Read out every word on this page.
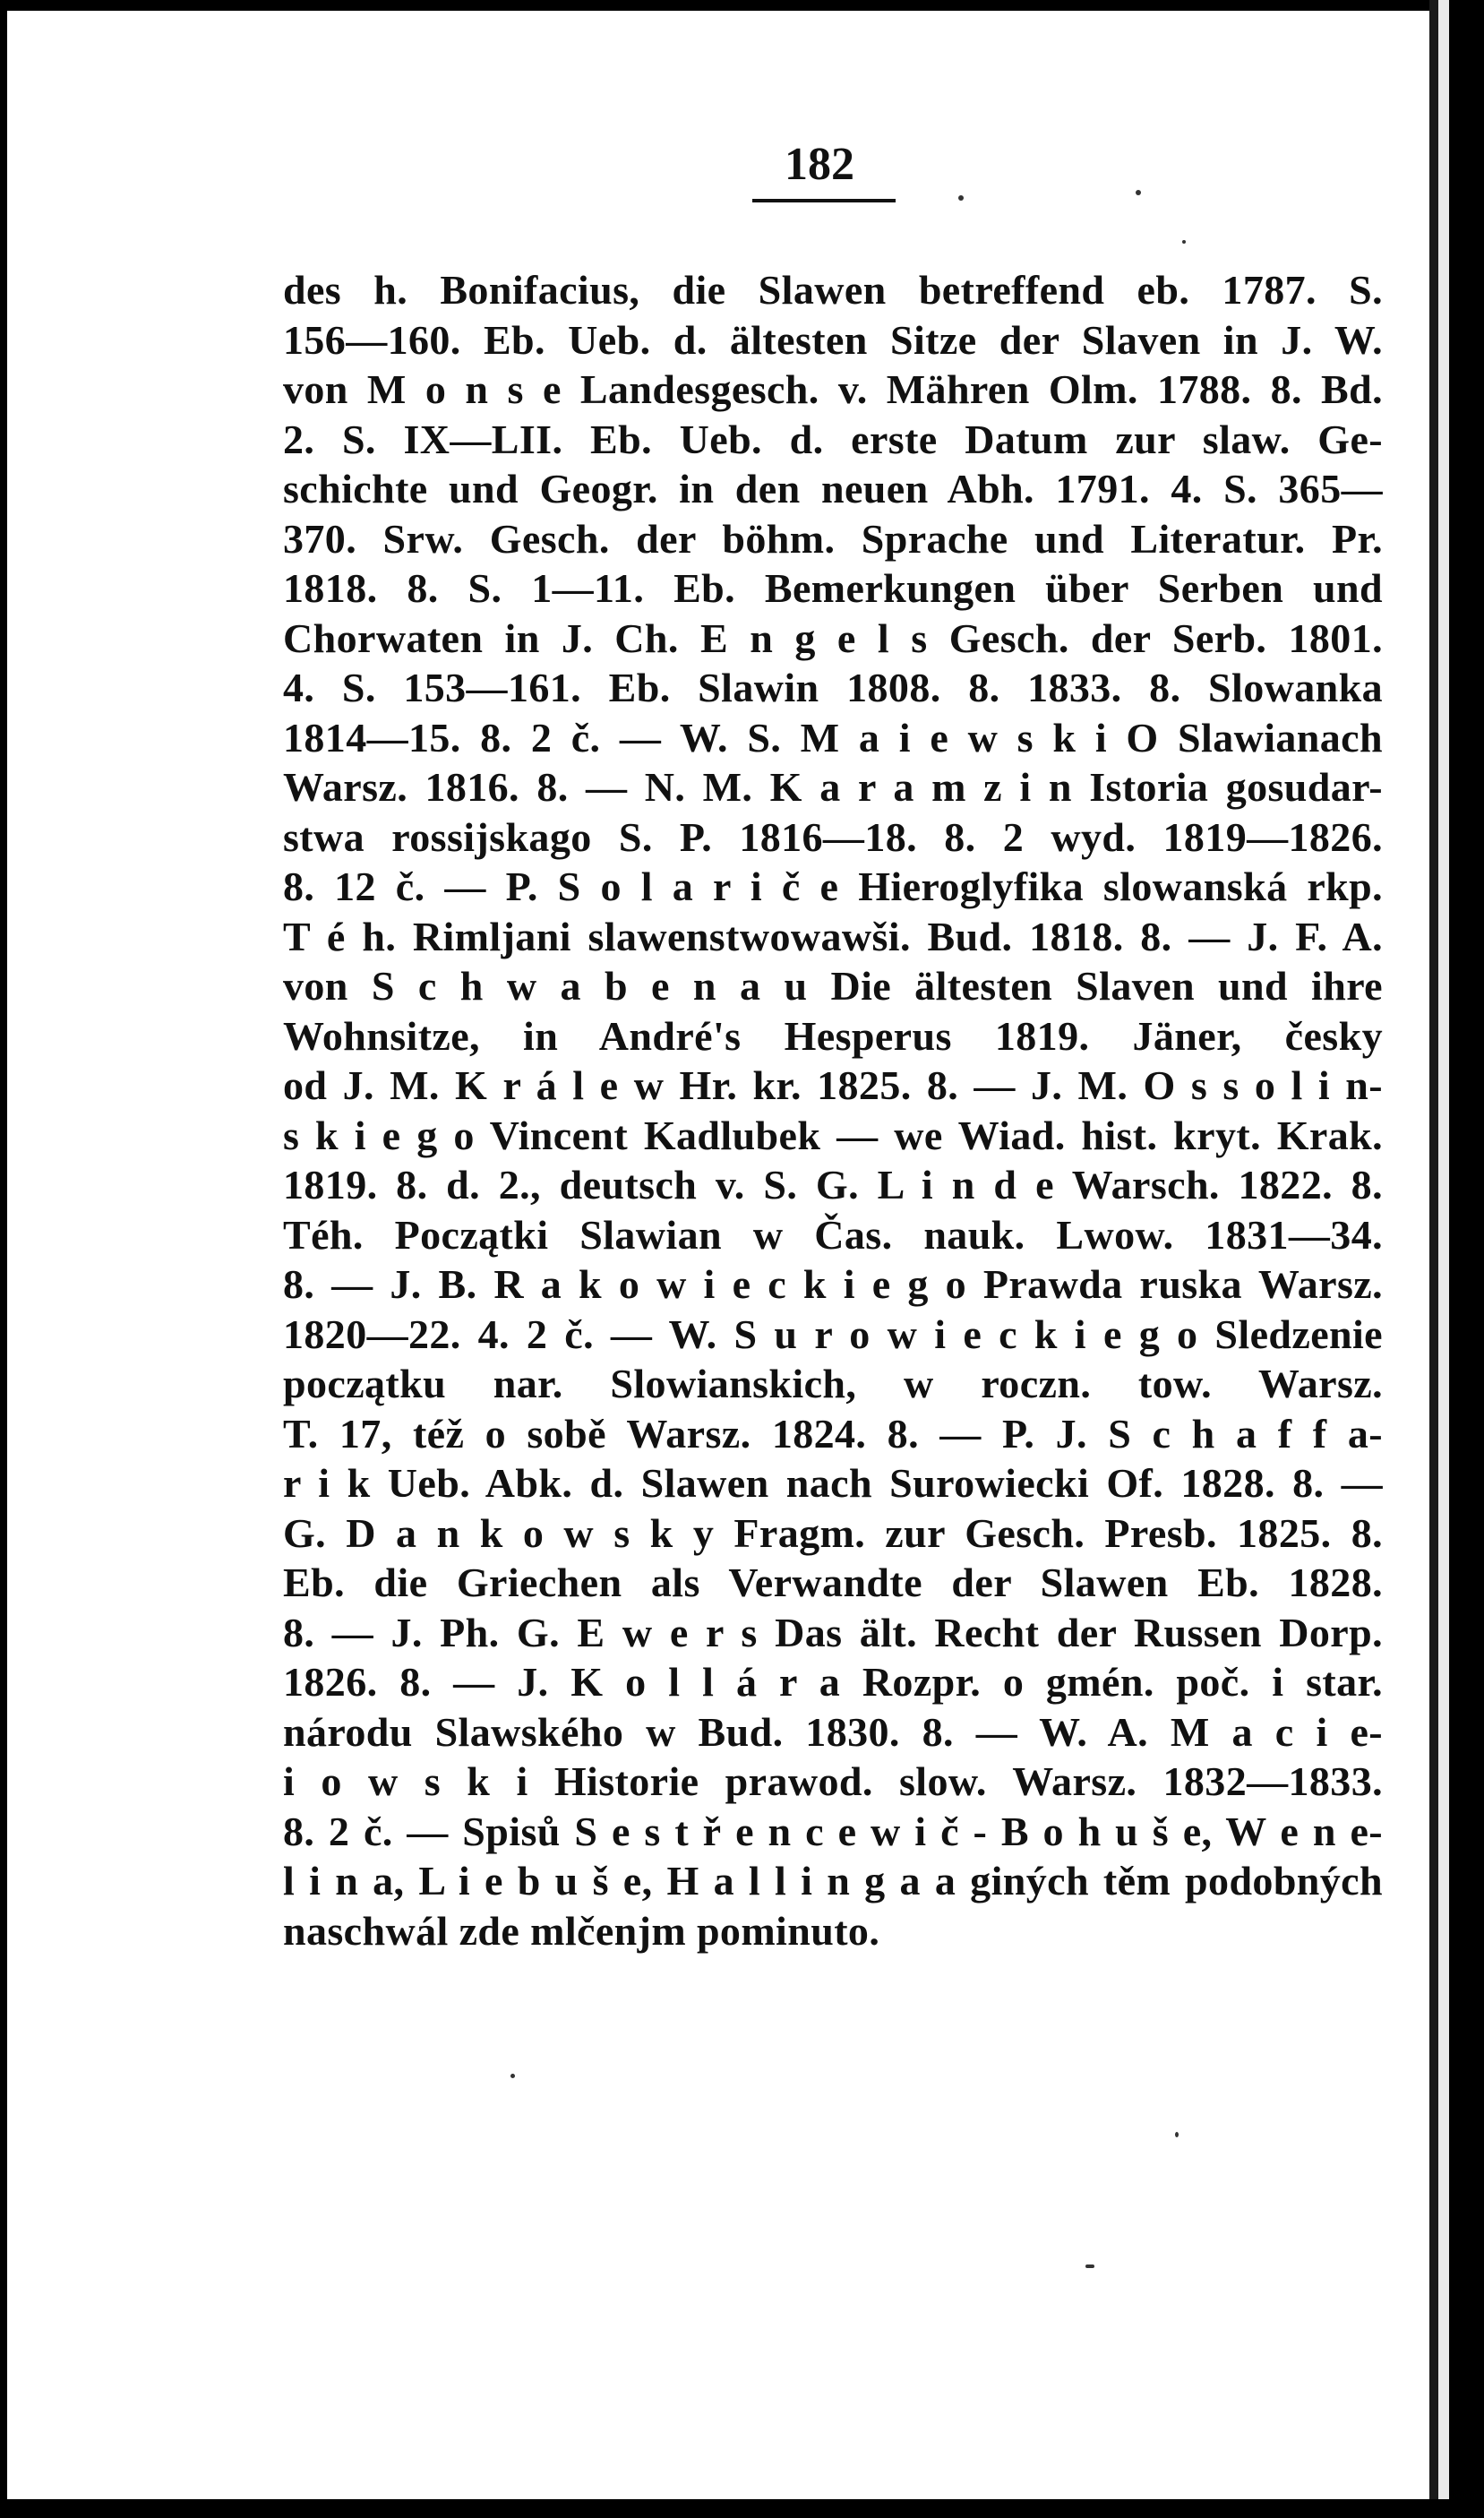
182
des h. Bonifacius, die Slawen betreffend eb. 1787. S.
156—160. Eb. Ueb. d. ältesten Sitze der Slaven in J. W.
von M o n s e Landesgesch. v. Mähren Olm. 1788. 8. Bd.
2. S. IX—LII. Eb. Ueb. d. erste Datum zur slaw. Ge-
schichte und Geogr. in den neuen Abh. 1791. 4. S. 365—
370. Srw. Gesch. der böhm. Sprache und Literatur. Pr.
1818. 8. S. 1—11. Eb. Bemerkungen über Serben und
Chorwaten in J. Ch. E n g e l s Gesch. der Serb. 1801.
4. S. 153—161. Eb. Slawin 1808. 8. 1833. 8. Slowanka
1814—15. 8. 2 č. — W. S. M a i e w s k i O Slawianach
Warsz. 1816. 8. — N. M. K a r a m z i n Istoria gosudar-
stwa rossijskago S. P. 1816—18. 8. 2 wyd. 1819—1826.
8. 12 č. — P. S o l a r i č e Hieroglyfika slowanská rkp.
T é h. Rimljani slawenstwowawši. Bud. 1818. 8. — J. F. A.
von S c h w a b e n a u Die ältesten Slaven und ihre
Wohnsitze, in André's Hesperus 1819. Jäner, česky
od J. M. K r á l e w Hr. kr. 1825. 8. — J. M. O s s o l i n-
s k i e g o Vincent Kadlubek — we Wiad. hist. kryt. Krak.
1819. 8. d. 2., deutsch v. S. G. L i n d e Warsch. 1822. 8.
Téh. Początki Slawian w Čas. nauk. Lwow. 1831—34.
8. — J. B. R a k o w i e c k i e g o Prawda ruska Warsz.
1820—22. 4. 2 č. — W. S u r o w i e c k i e g o Sledzenie
początku nar. Slowianskich, w roczn. tow. Warsz.
T. 17, též o sobě Warsz. 1824. 8. — P. J. S c h a f f a-
r i k Ueb. Abk. d. Slawen nach Surowiecki Of. 1828. 8. —
G. D a n k o w s k y Fragm. zur Gesch. Presb. 1825. 8.
Eb. die Griechen als Verwandte der Slawen Eb. 1828.
8. — J. Ph. G. E w e r s Das ält. Recht der Russen Dorp.
1826. 8. — J. K o l l á r a Rozpr. o gmén. poč. i star.
národu Slawského w Bud. 1830. 8. — W. A. M a c i e-
i o w s k i Historie prawod. slow. Warsz. 1832—1833.
8. 2 č. — Spisů S e s t ř e n c e w i č - B o h u š e, W e n e-
l i n a, L i e b u š e, H a l l i n g a a giných těm podobných
naschwál zde mlčenjm pominuto.
